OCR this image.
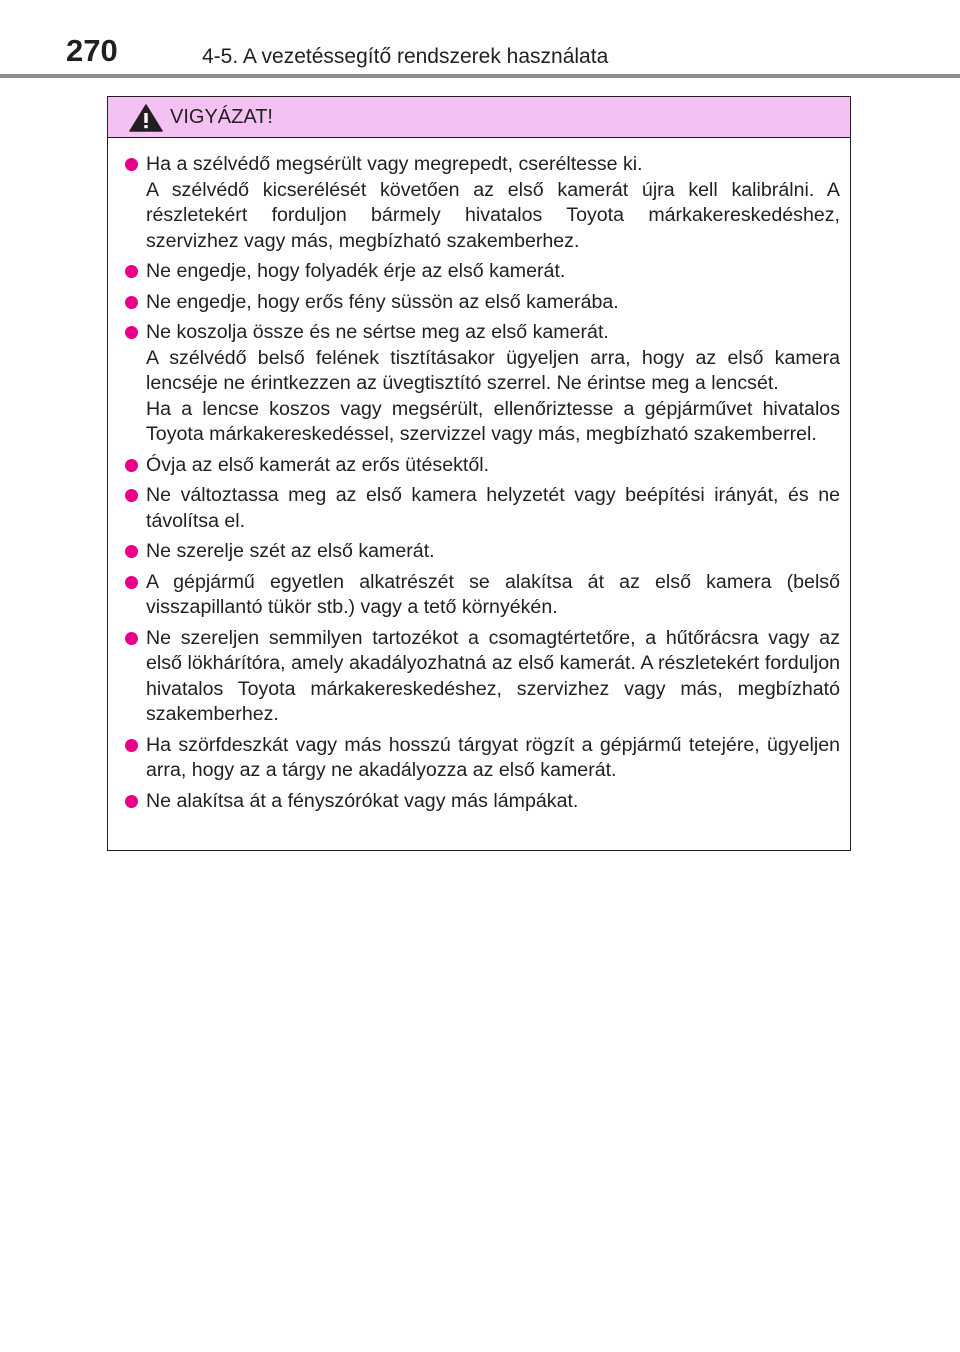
270	4-5. A vezetéssegítő rendszerek használata
VIGYÁZAT!
Ha a szélvédő megsérült vagy megrepedt, cseréltesse ki.
A szélvédő kicserélését követően az első kamerát újra kell kalibrálni. A részletekért forduljon bármely hivatalos Toyota márkakereskedéshez, szervizhez vagy más, megbízható szakemberhez.
Ne engedje, hogy folyadék érje az első kamerát.
Ne engedje, hogy erős fény süssön az első kamerába.
Ne koszolja össze és ne sértse meg az első kamerát.
A szélvédő belső felének tisztításakor ügyeljen arra, hogy az első kamera lencséje ne érintkezzen az üvegtisztító szerrel. Ne érintse meg a lencsét.
Ha a lencse koszos vagy megsérült, ellenőriztesse a gépjárművet hivatalos Toyota márkakereskedéssel, szervizzel vagy más, megbízható szakemberrel.
Óvja az első kamerát az erős ütésektől.
Ne változtassa meg az első kamera helyzetét vagy beépítési irányát, és ne távolítsa el.
Ne szerelje szét az első kamerát.
A gépjármű egyetlen alkatrészét se alakítsa át az első kamera (belső visszapillantó tükör stb.) vagy a tető környékén.
Ne szereljen semmilyen tartozékot a csomagtértetőre, a hűtőrácsra vagy az első lökhárítóra, amely akadályozhatná az első kamerát. A részletekért forduljon hivatalos Toyota márkakereskedéshez, szervizhez vagy más, megbízható szakemberhez.
Ha szörfdeszkát vagy más hosszú tárgyat rögzít a gépjármű tetejére, ügyeljen arra, hogy az a tárgy ne akadályozza az első kamerát.
Ne alakítsa át a fényszórókat vagy más lámpákat.
